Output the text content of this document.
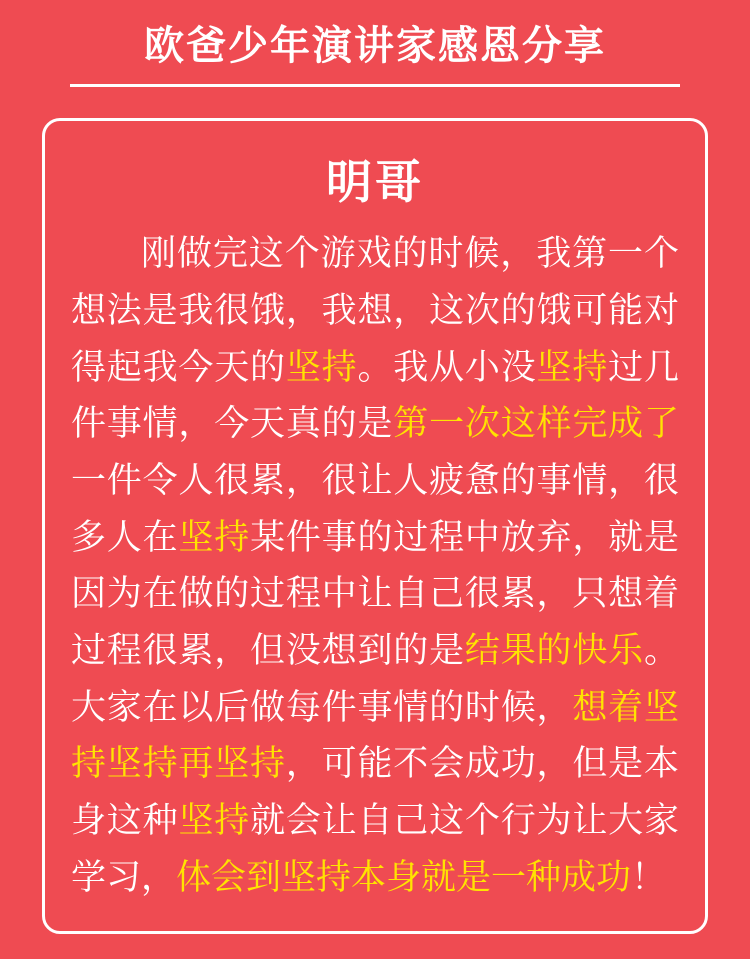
欧爸少年演讲家感恩分享
明哥
刚做完这个游戏的时候，我第一个想法是我很饿，我想，这次的饿可能对得起我今天的坚持。我从小没坚持过几件事情，今天真的是第一次这样完成了一件令人很累，很让人疲惫的事情，很多人在坚持某件事的过程中放弃，就是因为在做的过程中让自己很累，只想着过程很累，但没想到的是结果的快乐。大家在以后做每件事情的时候，想着坚持坚持再坚持，可能不会成功，但是本身这种坚持就会让自己这个行为让大家学习，体会到坚持本身就是一种成功！
